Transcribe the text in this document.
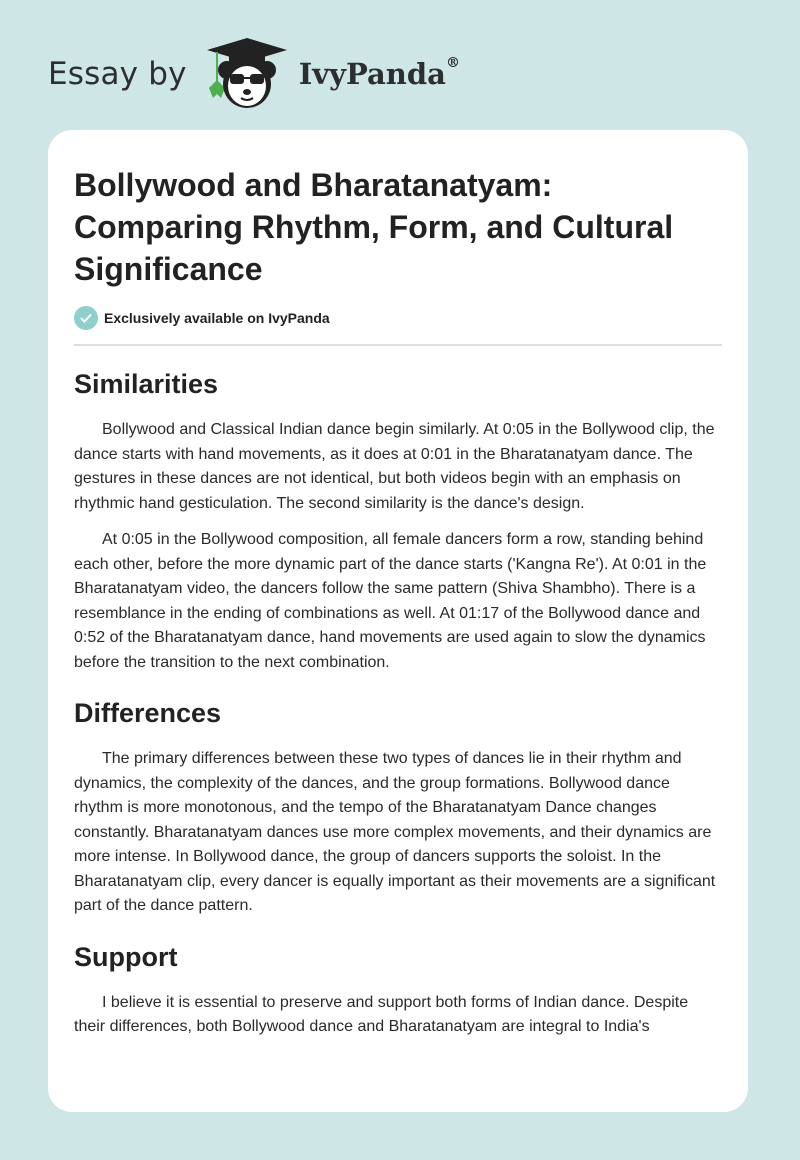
Essay by	IvyPanda®
Bollywood and Bharatanatyam: Comparing Rhythm, Form, and Cultural Significance
Exclusively available on IvyPanda
Similarities

Bollywood and Classical Indian dance begin similarly. At 0:05 in the Bollywood clip, the dance starts with hand movements, as it does at 0:01 in the Bharatanatyam dance. The gestures in these dances are not identical, but both videos begin with an emphasis on rhythmic hand gesticulation. The second similarity is the dance's design.

At 0:05 in the Bollywood composition, all female dancers form a row, standing behind each other, before the more dynamic part of the dance starts ('Kangna Re'). At 0:01 in the Bharatanatyam video, the dancers follow the same pattern (Shiva Shambho). There is a resemblance in the ending of combinations as well. At 01:17 of the Bollywood dance and 0:52 of the Bharatanatyam dance, hand movements are used again to slow the dynamics before the transition to the next combination.

Differences

The primary differences between these two types of dances lie in their rhythm and dynamics, the complexity of the dances, and the group formations. Bollywood dance rhythm is more monotonous, and the tempo of the Bharatanatyam Dance changes constantly. Bharatanatyam dances use more complex movements, and their dynamics are more intense. In Bollywood dance, the group of dancers supports the soloist. In the Bharatanatyam clip, every dancer is equally important as their movements are a significant part of the dance pattern.

Support

I believe it is essential to preserve and support both forms of Indian dance. Despite their differences, both Bollywood dance and Bharatanatyam are integral to India's
